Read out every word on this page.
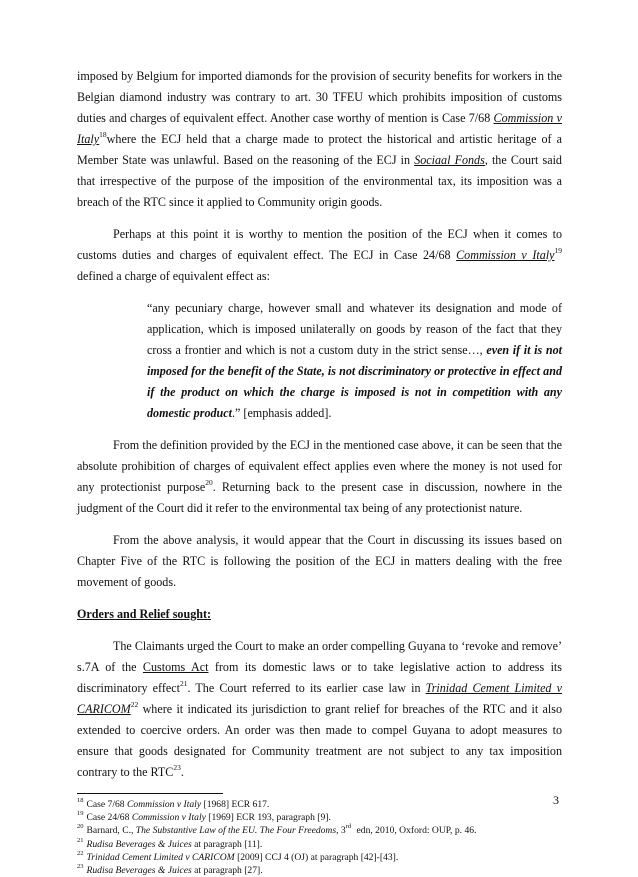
imposed by Belgium for imported diamonds for the provision of security benefits for workers in the Belgian diamond industry was contrary to art. 30 TFEU which prohibits imposition of customs duties and charges of equivalent effect. Another case worthy of mention is Case 7/68 Commission v Italy$^{18}$where the ECJ held that a charge made to protect the historical and artistic heritage of a Member State was unlawful. Based on the reasoning of the ECJ in Sociaal Fonds, the Court said that irrespective of the purpose of the imposition of the environmental tax, its imposition was a breach of the RTC since it applied to Community origin goods.

Perhaps at this point it is worthy to mention the position of the ECJ when it comes to customs duties and charges of equivalent effect. The ECJ in Case 24/68 Commission v Italy$^{19}$ defined a charge of equivalent effect as:

“any pecuniary charge, however small and whatever its designation and mode of application, which is imposed unilaterally on goods by reason of the fact that they cross a frontier and which is not a custom duty in the strict sense…, even if it is not imposed for the benefit of the State, is not discriminatory or protective in effect and if the product on which the charge is imposed is not in competition with any domestic product.” [emphasis added].

From the definition provided by the ECJ in the mentioned case above, it can be seen that the absolute prohibition of charges of equivalent effect applies even where the money is not used for any protectionist purpose$^{20}$. Returning back to the present case in discussion, nowhere in the judgment of the Court did it refer to the environmental tax being of any protectionist nature.

From the above analysis, it would appear that the Court in discussing its issues based on Chapter Five of the RTC is following the position of the ECJ in matters dealing with the free movement of goods.

Orders and Relief sought:

The Claimants urged the Court to make an order compelling Guyana to ‘revoke and remove’ s.7A of the Customs Act from its domestic laws or to take legislative action to address its discriminatory effect$^{21}$. The Court referred to its earlier case law in Trinidad Cement Limited v CARICOM$^{22}$ where it indicated its jurisdiction to grant relief for breaches of the RTC and it also extended to coercive orders. An order was then made to compel Guyana to adopt measures to ensure that goods designated for Community treatment are not subject to any tax imposition contrary to the RTC$^{23}$.

$^{18}$ Case 7/68 Commission v Italy [1968] ECR 617.
$^{19}$ Case 24/68 Commission v Italy [1969] ECR 193, paragraph [9].
$^{20}$ Barnard, C., The Substantive Law of the EU. The Four Freedoms, 3rd edn, 2010, Oxford: OUP, p. 46.
$^{21}$ Rudisa Beverages & Juices at paragraph [11].
$^{22}$ Trinidad Cement Limited v CARICOM [2009] CCJ 4 (OJ) at paragraph [42]-[43].
$^{23}$ Rudisa Beverages & Juices at paragraph [27].
3
